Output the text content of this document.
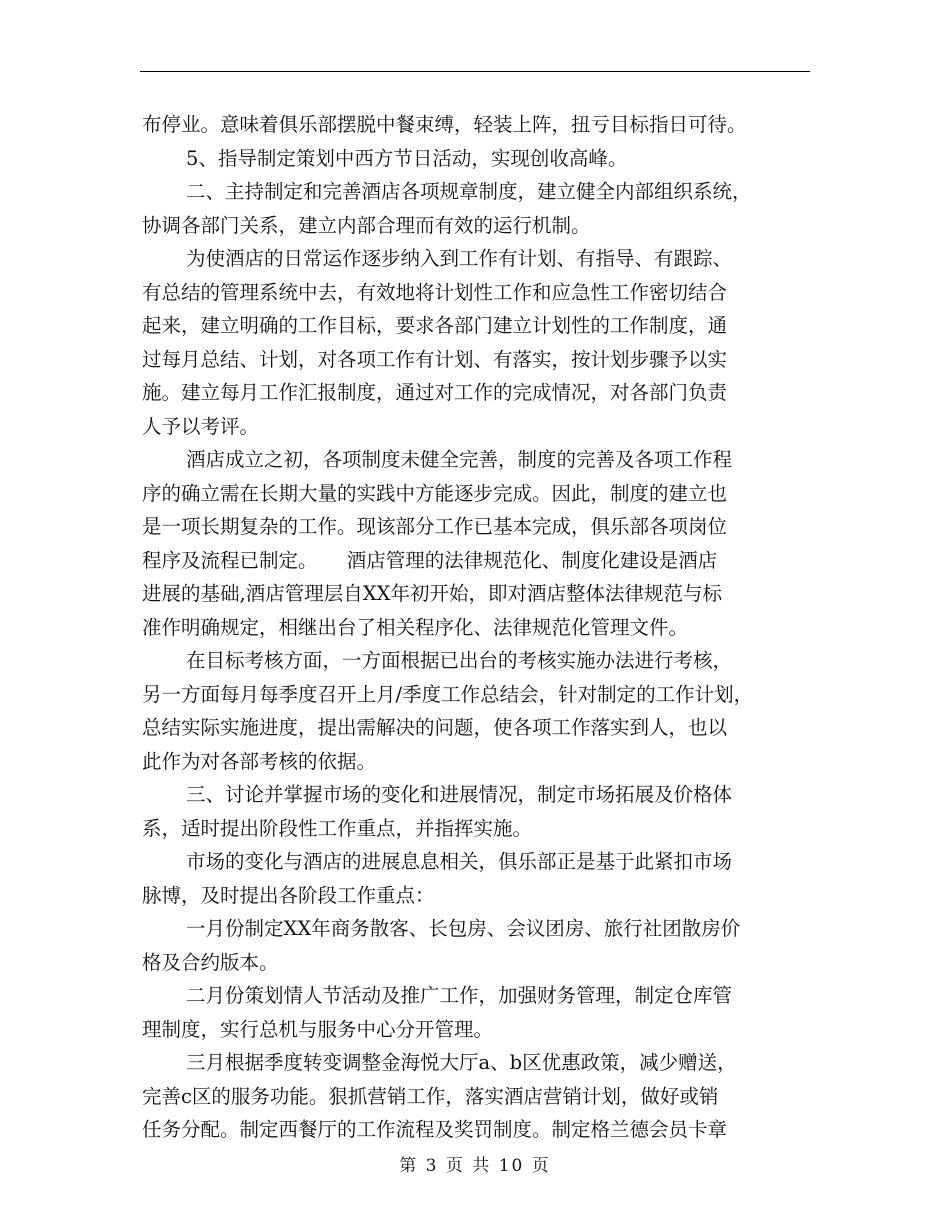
布停业。意味着俱乐部摆脱中餐束缚，轻装上阵，扭亏目标指日可待。
5、指导制定策划中西方节日活动，实现创收高峰。
二、主持制定和完善酒店各项规章制度，建立健全内部组织系统，
协调各部门关系，建立内部合理而有效的运行机制。
为使酒店的日常运作逐步纳入到工作有计划、有指导、有跟踪、
有总结的管理系统中去，有效地将计划性工作和应急性工作密切结合
起来，建立明确的工作目标，要求各部门建立计划性的工作制度，通
过每月总结、计划，对各项工作有计划、有落实，按计划步骤予以实
施。建立每月工作汇报制度，通过对工作的完成情况，对各部门负责
人予以考评。
酒店成立之初，各项制度未健全完善，制度的完善及各项工作程
序的确立需在长期大量的实践中方能逐步完成。因此，制度的建立也
是一项长期复杂的工作。现该部分工作已基本完成，俱乐部各项岗位
程序及流程已制定。　　酒店管理的法律规范化、制度化建设是酒店
进展的基础,酒店管理层自XX年初开始，即对酒店整体法律规范与标
准作明确规定，相继出台了相关程序化、法律规范化管理文件。
在目标考核方面，一方面根据已出台的考核实施办法进行考核，
另一方面每月每季度召开上月/季度工作总结会，针对制定的工作计划，
总结实际实施进度，提出需解决的问题，使各项工作落实到人，也以
此作为对各部考核的依据。
三、讨论并掌握市场的变化和进展情况，制定市场拓展及价格体
系，适时提出阶段性工作重点，并指挥实施。
市场的变化与酒店的进展息息相关，俱乐部正是基于此紧扣市场
脉博，及时提出各阶段工作重点：
一月份制定XX年商务散客、长包房、会议团房、旅行社团散房价
格及合约版本。
二月份策划情人节活动及推广工作，加强财务管理，制定仓库管
理制度，实行总机与服务中心分开管理。
三月根据季度转变调整金海悦大厅a、b区优惠政策，减少赠送，
完善c区的服务功能。狠抓营销工作，落实酒店营销计划，做好或销
任务分配。制定西餐厅的工作流程及奖罚制度。制定格兰德会员卡章
第 3 页 共 10 页
